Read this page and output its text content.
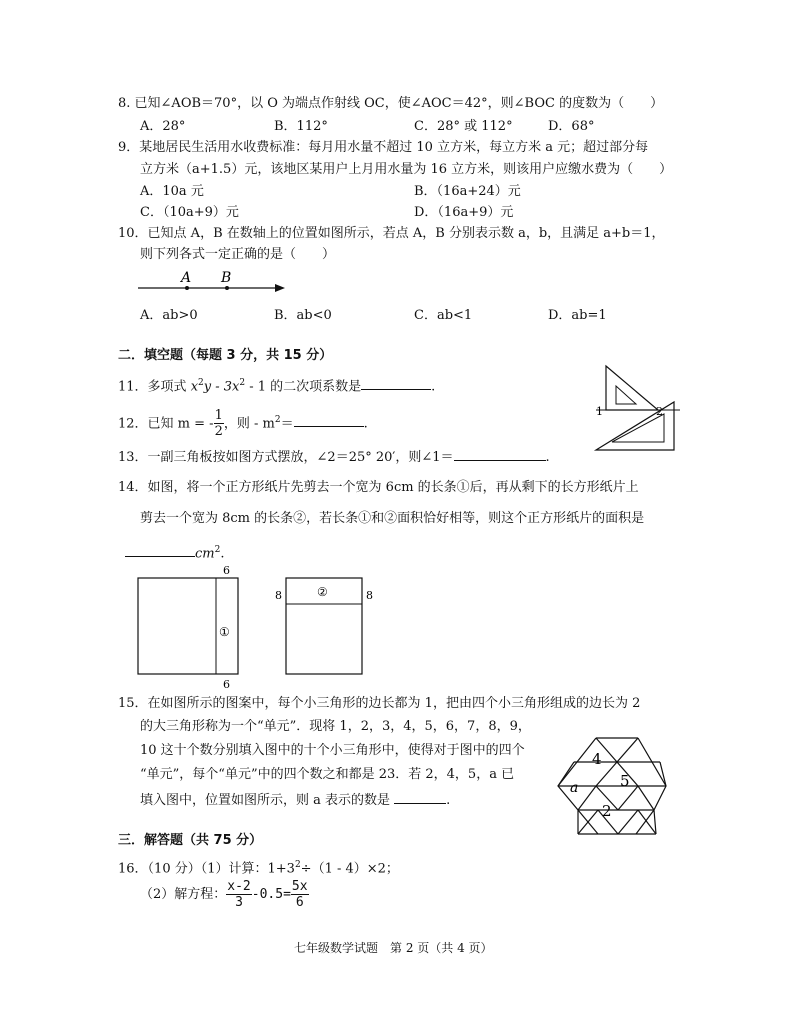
8. 已知∠AOB＝70°，以 O 为端点作射线 OC，使∠AOC＝42°，则∠BOC 的度数为（　　）
A．28°	B．112°	C．28° 或 112°	D．68°
9．某地居民生活用水收费标准：每月用水量不超过 10 立方米，每立方米 a 元；超过部分每
立方米（a+1.5）元，该地区某用户上月用水量为 16 立方米，则该用户应缴水费为（　　）
A．10a 元	B．（16a+24）元
C．（10a+9）元	D．（16a+9）元
10．已知点 A，B 在数轴上的位置如图所示，若点 A，B 分别表示数 a，b，且满足 a+b＝1，
则下列各式一定正确的是（　　）
A B
A．ab>0	B．ab<0	C．ab<1	D．ab=1
二．填空题（每题 3 分，共 15 分）
11．多项式 $x^2y - 3x^2 - 1$ 的二次项系数是	.
12．已知 m = - $\frac{1}{2}$ ，则 - $m^2=$	.
13．一副三角板按如图方式摆放，∠2＝25° 20′，则∠1＝	.
1	2
14．如图，将一个正方形纸片先剪去一个宽为 6cm 的长条①后，再从剩下的长方形纸片上
剪去一个宽为 8cm 的长条②，若长条①和②面积恰好相等，则这个正方形纸片的面积是
$cm^2$.
6
6
①
②
8	8
15．在如图所示的图案中，每个小三角形的边长都为 1，把由四个小三角形组成的边长为 2
的大三角形称为一个“单元”．现将 1，2，3，4，5，6，7，8，9，
10 这十个数分别填入图中的十个小三角形中，使得对于图中的四个
“单元”，每个“单元”中的四个数之和都是 23．若 2，4，5，a 已
填入图中，位置如图所示，则 a 表示的数是	.
4
5
a
2
三．解答题（共 75 分）
16．（10 分）（1）计算：$1+3^2\div(1 - 4)\times 2$；
（2）解方程： $\frac{x-2}{3} -0.5= \frac{5x}{6}$
七年级数学试题　第 2 页（共 4 页）
